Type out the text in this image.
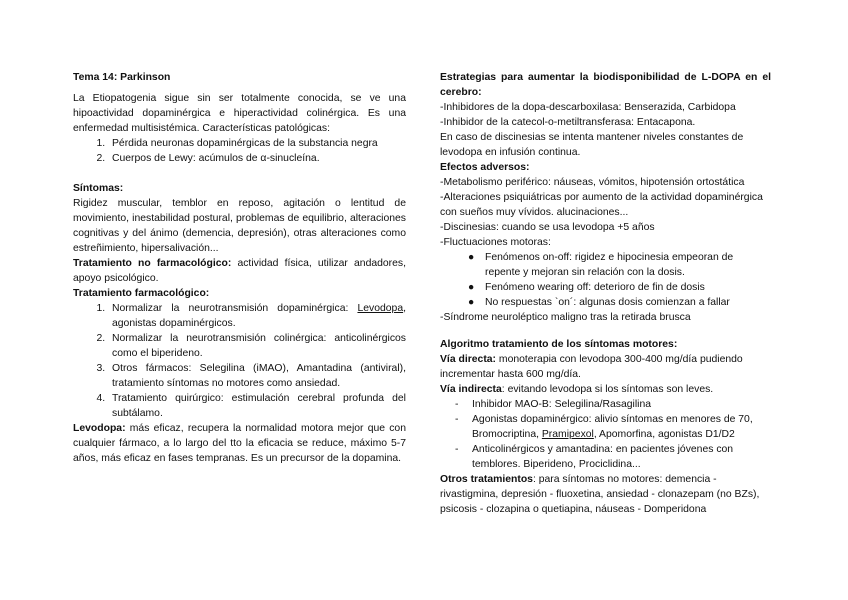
Tema 14: Parkinson

La Etiopatogenia sigue sin ser totalmente conocida, se ve una hipoactividad dopaminérgica e hiperactividad colinérgica. Es una enfermedad multisistémica. Características patológicas:

1. Pérdida neuronas dopaminérgicas de la substancia negra
2. Cuerpos de Lewy: acúmulos de α-sinucleína.

Síntomas:

Rigidez muscular, temblor en reposo, agitación o lentitud de movimiento, inestabilidad postural, problemas de equilibrio, alteraciones cognitivas y del ánimo (demencia, depresión), otras alteraciones como estreñimiento, hipersalivación...

Tratamiento no farmacológico: actividad física, utilizar andadores, apoyo psicológico.

Tratamiento farmacológico:

1. Normalizar la neurotransmisión dopaminérgica: Levodopa, agonistas dopaminérgicos.
2. Normalizar la neurotransmisión colinérgica: anticolinérgicos como el biperideno.
3. Otros fármacos: Selegilina (iMAO), Amantadina (antiviral), tratamiento síntomas no motores como ansiedad.
4. Tratamiento quirúrgico: estimulación cerebral profunda del subtálamo.

Levodopa: más eficaz, recupera la normalidad motora mejor que con cualquier fármaco, a lo largo del tto la eficacia se reduce, máximo 5-7 años, más eficaz en fases tempranas. Es un precursor de la dopamina.

Estrategias para aumentar la biodisponibilidad de L-DOPA en el cerebro:

-Inhibidores de la dopa-descarboxilasa: Benserazida, Carbidopa

-Inhibidor de la catecol-o-metiltransferasa: Entacapona.

En caso de discinesias se intenta mantener niveles constantes de levodopa en infusión continua.

Efectos adversos:

-Metabolismo periférico: náuseas, vómitos, hipotensión ortostática

-Alteraciones psiquiátricas por aumento de la actividad dopaminérgica con sueños muy vívidos. alucinaciones...

-Discinesias: cuando se usa levodopa +5 años

-Fluctuaciones motoras:

● Fenómenos on-off: rigidez e hipocinesia empeoran de repente y mejoran sin relación con la dosis.
● Fenómeno wearing off: deterioro de fin de dosis
● No respuestas `on´: algunas dosis comienzan a fallar

-Síndrome neuroléptico maligno tras la retirada brusca

Algoritmo tratamiento de los síntomas motores:

Vía directa: monoterapia con levodopa 300-400 mg/día pudiendo incrementar hasta 600 mg/día.

Vía indirecta: evitando levodopa si los síntomas son leves.

- Inhibidor MAO-B: Selegilina/Rasagilina
- Agonistas dopaminérgico: alivio síntomas en menores de 70, Bromocriptina, Pramipexol, Apomorfina, agonistas D1/D2
- Anticolinérgicos y amantadina: en pacientes jóvenes con temblores. Biperideno, Prociclidina...

Otros tratamientos: para síntomas no motores: demencia - rivastigmina, depresión - fluoxetina, ansiedad - clonazepam (no BZs), psicosis - clozapina o quetiapina, náuseas - Domperidona
